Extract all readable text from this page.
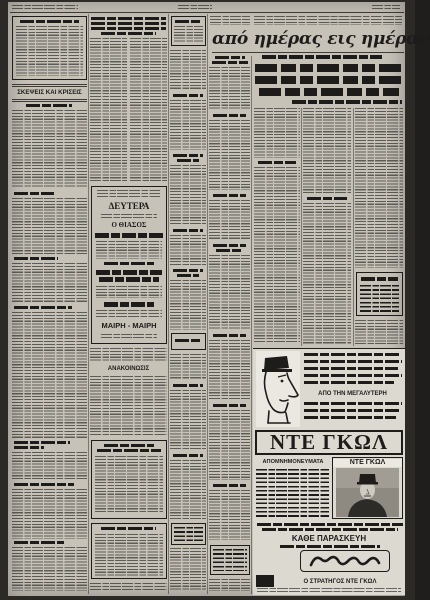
ΣΚΕΨΕΙΣ ΚΑΙ ΚΡΙΣΕΙΣ
ΔΕΥΤΕΡΑ
Ο ΘΙΑΣΟΣ
ΜΑΙΡΗ - ΜΑΙΡΗ
ΑΝΑΚΟΙΝΩΣΙΣ
από ημέρας εις ημέραν
ΑΠΟ ΤΗΝ ΜΕΓΑΛΥΤΕΡΗ
ΝΤΕ ΓΚΩΛ
ΑΠΟΜΝΗΜΟΝΕΥΜΑΤΑ	ΝΤΕ ΓΚΩΛ
ΚΑΘΕ ΠΑΡΑΣΚΕΥΗ
Ο ΣΤΡΑΤΗΓΟΣ ΝΤΕ ΓΚΩΛ
